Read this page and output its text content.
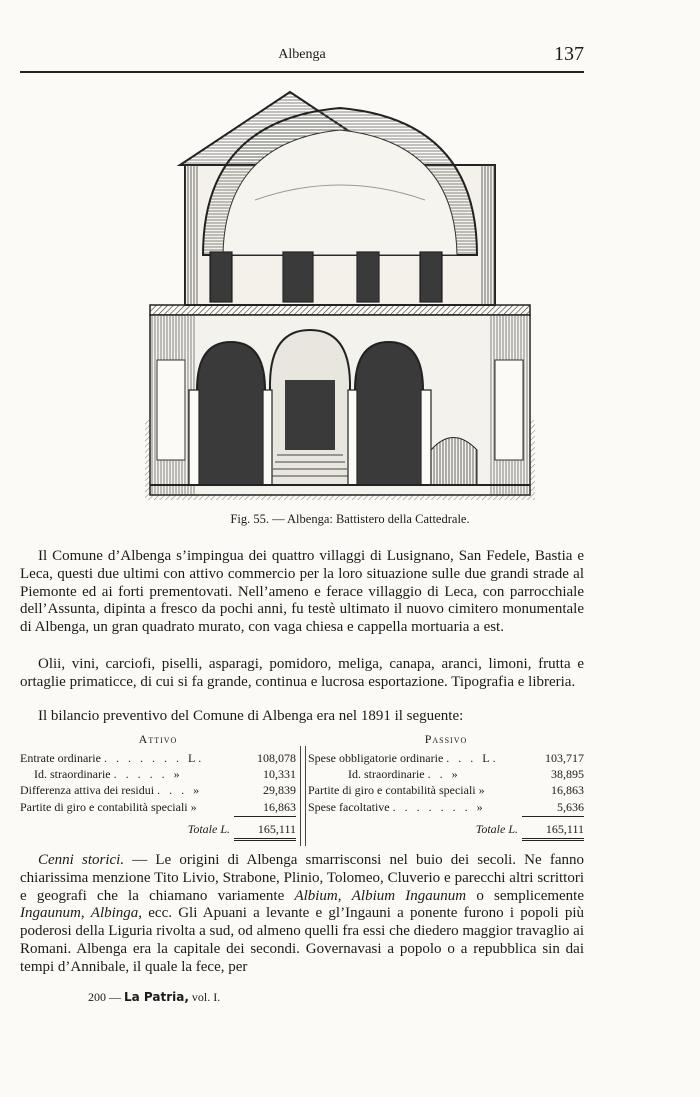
Albenga	137
Fig. 55. — Albenga: Battistero della Cattedrale.
Il Comune d’Albenga s’impingua dei quattro villaggi di Lusignano, San Fedele, Bastia e Leca, questi due ultimi con attivo commercio per la loro situazione sulle due grandi strade al Piemonte ed ai forti prementovati. Nell’ameno e ferace villaggio di Leca, con parrocchiale dell’Assunta, dipinta a fresco da pochi anni, fu testè ultimato il nuovo cimitero monumentale di Albenga, un gran quadrato murato, con vaga chiesa e cappella mortuaria a est.
Olii, vini, carciofi, piselli, asparagi, pomidoro, meliga, canapa, aranci, limoni, frutta e ortaglie primaticce, di cui si fa grande, continua e lucrosa esportazione. Tipografia e libreria.
Il bilancio preventivo del Comune di Albenga era nel 1891 il seguente:
Attivo
Entrate ordinarie . . . . . . . L.	108,078
Id. straordinarie . . . . . »	10,331
Differenza attiva dei residui . . . »	29,839
Partite di giro e contabilità speciali »	16,863
Totale L.	165,111
Passivo
Spese obbligatorie ordinarie . . . L.	103,717
Id. straordinarie . . »	38,895
Partite di giro e contabilità speciali »	16,863
Spese facoltative . . . . . . . »	5,636
Totale L.	165,111
Cenni storici. — Le origini di Albenga smarrisconsi nel buio dei secoli. Ne fanno chiarissima menzione Tito Livio, Strabone, Plinio, Tolomeo, Cluverio e parecchi altri scrittori e geografi che la chiamano variamente Albium, Albium Ingaunum o semplicemente Ingaunum, Albinga, ecc. Gli Apuani a levante e gl’Ingauni a ponente furono i popoli più poderosi della Liguria rivolta a sud, od almeno quelli fra essi che diedero maggior travaglio ai Romani. Albenga era la capitale dei secondi. Governavasi a popolo o a repubblica sin dai tempi d’Annibale, il quale la fece, per
200 — La Patria, vol. I.
